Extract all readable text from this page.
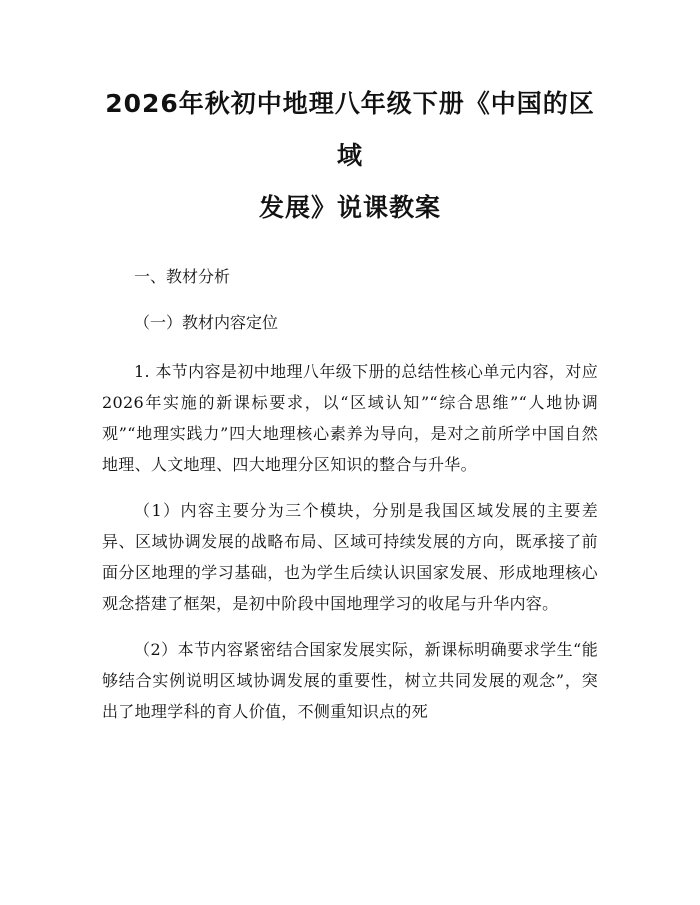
2026年秋初中地理八年级下册《中国的区域
发展》说课教案

一、教材分析

（一）教材内容定位

1. 本节内容是初中地理八年级下册的总结性核心单元内容，对应2026年实施的新课标要求，以“区域认知”“综合思维”“人地协调观”“地理实践力”四大地理核心素养为导向，是对之前所学中国自然地理、人文地理、四大地理分区知识的整合与升华。

（1）内容主要分为三个模块，分别是我国区域发展的主要差异、区域协调发展的战略布局、区域可持续发展的方向，既承接了前面分区地理的学习基础，也为学生后续认识国家发展、形成地理核心观念搭建了框架，是初中阶段中国地理学习的收尾与升华内容。

（2）本节内容紧密结合国家发展实际，新课标明确要求学生“能够结合实例说明区域协调发展的重要性，树立共同发展的观念”，突出了地理学科的育人价值，不侧重知识点的死
